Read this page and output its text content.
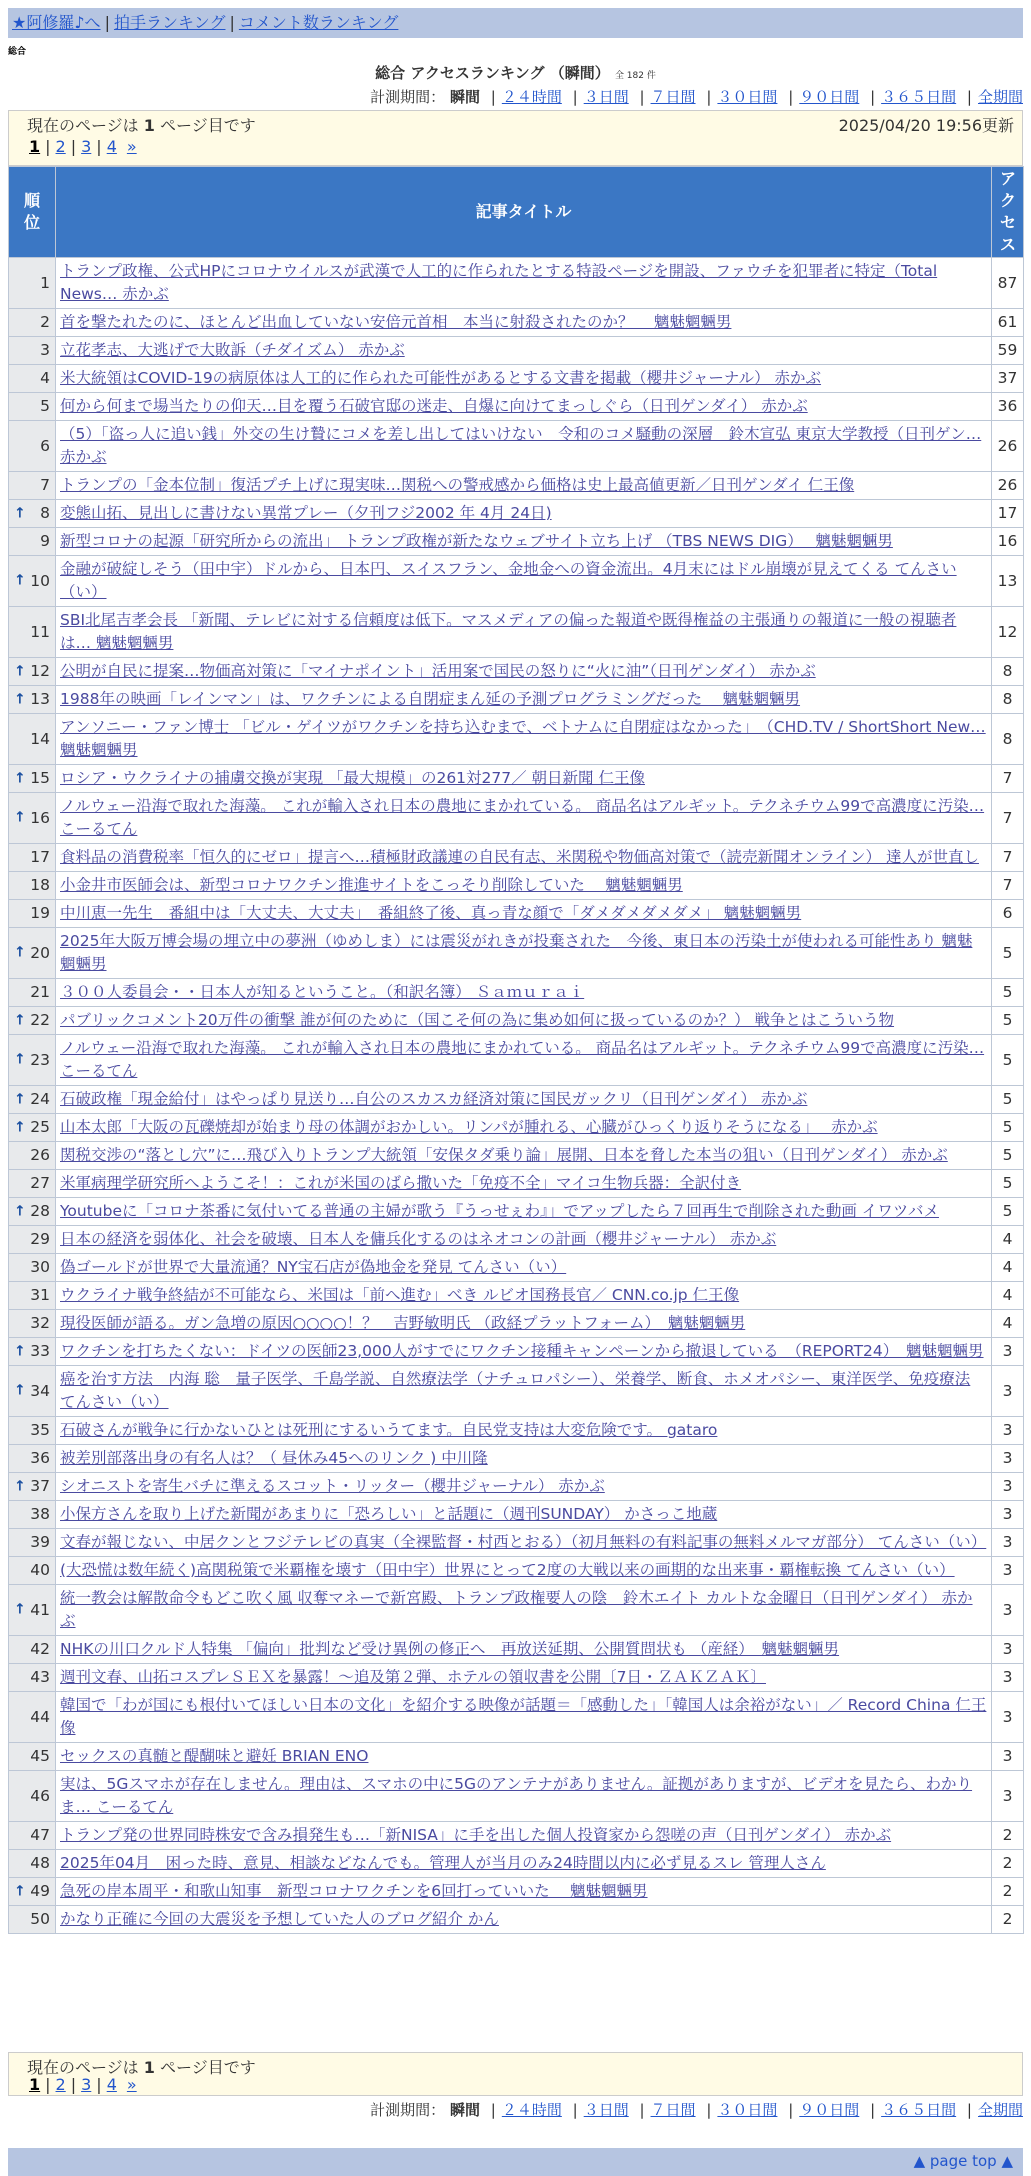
★阿修羅♪へ | 拍手ランキング | コメント数ランキング
総合
総合 アクセスランキング （瞬間） 全 182 件
計測期間： 瞬間 | ２４時間 | ３日間 | ７日間 | ３０日間 | ９０日間 | ３６５日間 | 全期間
現在のページは 1 ページ目です	2025/04/20 19:56更新
1 | 2 | 3 | 4 »
順位	記事タイトル	アクセス
1	トランプ政権、公式HPにコロナウイルスが武漢で人工的に作られたとする特設ページを開設、ファウチを犯罪者に特定（Total News… 赤かぶ	87
2	首を撃たれたのに、ほとんど出血していない安倍元首相　本当に射殺されたのか？　 魑魅魍魎男	61
3	立花孝志、大逃げで大敗訴（チダイズム） 赤かぶ	59
4	米大統領はCOVID-19の病原体は人工的に作られた可能性があるとする文書を掲載（櫻井ジャーナル） 赤かぶ	37
5	何から何まで場当たりの仰天…目を覆う石破官邸の迷走、自爆に向けてまっしぐら（日刊ゲンダイ） 赤かぶ	36
6	（5）「盗っ人に追い銭」外交の生け贄にコメを差し出してはいけない　令和のコメ騒動の深層　鈴木宣弘 東京大学教授（日刊ゲン… 赤かぶ	26
7	トランプの「金本位制」復活プチ上げに現実味…関税への警戒感から価格は史上最高値更新／日刊ゲンダイ 仁王像	26

↑ 8	変態山拓、見出しに書けない異常プレー（夕刊フジ2002 年 4月 24日)	17
9	新型コロナの起源「研究所からの流出」 トランプ政権が新たなウェブサイト立ち上げ （TBS NEWS DIG）　 魑魅魍魎男	16

↑ 10	金融が破綻しそう（田中宇）ドルから、日本円、スイスフラン、金地金への資金流出。4月末にはドル崩壊が見えてくる てんさい（い）	13
11	SBI北尾吉孝会長 「新聞、テレビに対する信頼度は低下。マスメディアの偏った報道や既得権益の主張通りの報道に一般の視聴者は… 魑魅魍魎男	12

↑ 12	公明が自民に提案…物価高対策に「マイナポイント」活用案で国民の怒りに“火に油”（日刊ゲンダイ） 赤かぶ	8

↑ 13	1988年の映画「レインマン」は、ワクチンによる自閉症まん延の予測プログラミングだった　 魑魅魍魎男	8
14	アンソニー・ファン博士 「ビル・ゲイツがワクチンを持ち込むまで、ベトナムに自閉症はなかった」　（CHD.TV / ShortShort New… 魑魅魍魎男	8

↑ 15	ロシア・ウクライナの捕虜交換が実現 「最大規模」の261対277／ 朝日新聞 仁王像	7

↑ 16	ノルウェー沿海で取れた海藻。 これが輸入され日本の農地にまかれている。 商品名はアルギット。テクネチウム99で高濃度に汚染… こーるてん	7
17	食料品の消費税率「恒久的にゼロ」提言へ…積極財政議連の自民有志、米関税や物価高対策で（読売新聞オンライン） 達人が世直し	7
18	小金井市医師会は、新型コロナワクチン推進サイトをこっそり削除していた　 魑魅魍魎男	7
19	中川恵一先生　番組中は「大丈夫、大丈夫」　番組終了後、真っ青な顔で「ダメダメダメダメ」 魑魅魍魎男	6

↑ 20	2025年大阪万博会場の埋立中の夢洲（ゆめしま）には震災がれきが投棄された　今後、東日本の汚染土が使われる可能性あり 魑魅魍魎男	5
21	３００人委員会・・日本人が知るということ。（和訳名簿） Ｓａｍｕｒａｉ	5

↑ 22	パブリックコメント20万件の衝撃 誰が何のために（国こそ何の為に集め如何に扱っているのか？） 戦争とはこういう物	5

↑ 23	ノルウェー沿海で取れた海藻。 これが輸入され日本の農地にまかれている。 商品名はアルギット。テクネチウム99で高濃度に汚染… こーるてん	5

↑ 24	石破政権「現金給付」はやっぱり見送り…自公のスカスカ経済対策に国民ガックリ（日刊ゲンダイ） 赤かぶ	5

↑ 25	山本太郎「大阪の瓦礫焼却が始まり母の体調がおかしい。リンパが腫れる、心臓がひっくり返りそうになる」　 赤かぶ	5
26	関税交渉の“落とし穴”に…飛び入りトランプ大統領「安保タダ乗り論」展開、日本を脅した本当の狙い（日刊ゲンダイ） 赤かぶ	5
27	米軍病理学研究所へようこそ！：これが米国のばら撒いた「免疫不全」マイコ生物兵器：全訳付き	5

↑ 28	Youtubeに「コロナ茶番に気付いてる普通の主婦が歌う『うっせぇわ』」でアップしたら７回再生で削除された動画 イワツバメ	5
29	日本の経済を弱体化、社会を破壊、日本人を傭兵化するのはネオコンの計画（櫻井ジャーナル） 赤かぶ	4
30	偽ゴールドが世界で大量流通？NY宝石店が偽地金を発見 てんさい（い）	4
31	ウクライナ戦争終結が不可能なら、米国は「前へ進む」べき ルビオ国務長官／ CNN.co.jp 仁王像	4
32	現役医師が語る。ガン急増の原因○○○○！？　吉野敏明氏 （政経プラットフォーム）　魑魅魍魎男	4

↑ 33	ワクチンを打ちたくない：ドイツの医師23,000人がすでにワクチン接種キャンペーンから撤退している　（REPORT24）　魑魅魍魎男	3

↑ 34	癌を治す方法　内海 聡　量子医学、千島学説、自然療法学（ナチュロパシー）、栄養学、断食、ホメオパシー、東洋医学、免疫療法 てんさい（い）	3
35	石破さんが戦争に行かないひとは死刑にするいうてます。自民党支持は大変危険です。 gataro	3
36	被差別部落出身の有名人は？（ 昼休み45へのリンク ) 中川隆	3

↑ 37	シオニストを寄生バチに準えるスコット・リッター（櫻井ジャーナル） 赤かぶ	3
38	小保方さんを取り上げた新聞があまりに「恐ろしい」と話題に（週刊SUNDAY） かさっこ地蔵	3
39	文春が報じない、中居クンとフジテレビの真実（全裸監督・村西とおる）（初月無料の有料記事の無料メルマガ部分） てんさい（い）	3
40	(大恐慌は数年続く)高関税策で米覇権を壊す（田中宇）世界にとって2度の大戦以来の画期的な出来事・覇権転換 てんさい（い）	3

↑ 41	統一教会は解散命令もどこ吹く風 収奪マネーで新宮殿、トランプ政権要人の陰　鈴木エイト カルトな金曜日（日刊ゲンダイ） 赤かぶ	3
42	NHKの川口クルド人特集 「偏向」批判など受け異例の修正へ　再放送延期、公開質問状も （産経）　魑魅魍魎男	3
43	週刊文春、山拓コスプレＳＥＸを暴露！〜追及第２弾、ホテルの領収書を公開〔7日・ＺＡＫＺＡＫ〕	3
44	韓国で「わが国にも根付いてほしい日本の文化」を紹介する映像が話題＝「感動した」「韓国人は余裕がない」／ Record China 仁王像	3
45	セックスの真髄と醍醐味と避妊 BRIAN ENO	3
46	実は、5Gスマホが存在しません。理由は、スマホの中に5Gのアンテナがありません。証拠がありますが、ビデオを見たら、わかりま… こーるてん	3
47	トランプ発の世界同時株安で含み損発生も…「新NISA」に手を出した個人投資家から怨嗟の声（日刊ゲンダイ） 赤かぶ	2
48	2025年04月　困った時、意見、相談などなんでも。管理人が当月のみ24時間以内に必ず見るスレ 管理人さん	2

↑ 49	急死の岸本周平・和歌山知事　新型コロナワクチンを6回打っていいた　 魑魅魍魎男	2
50	かなり正確に今回の大震災を予想していた人のブログ紹介 かん	2
現在のページは 1 ページ目です
1 | 2 | 3 | 4 »
計測期間： 瞬間 | ２４時間 | ３日間 | ７日間 | ３０日間 | ９０日間 | ３６５日間 | 全期間
▲ page top ▲
